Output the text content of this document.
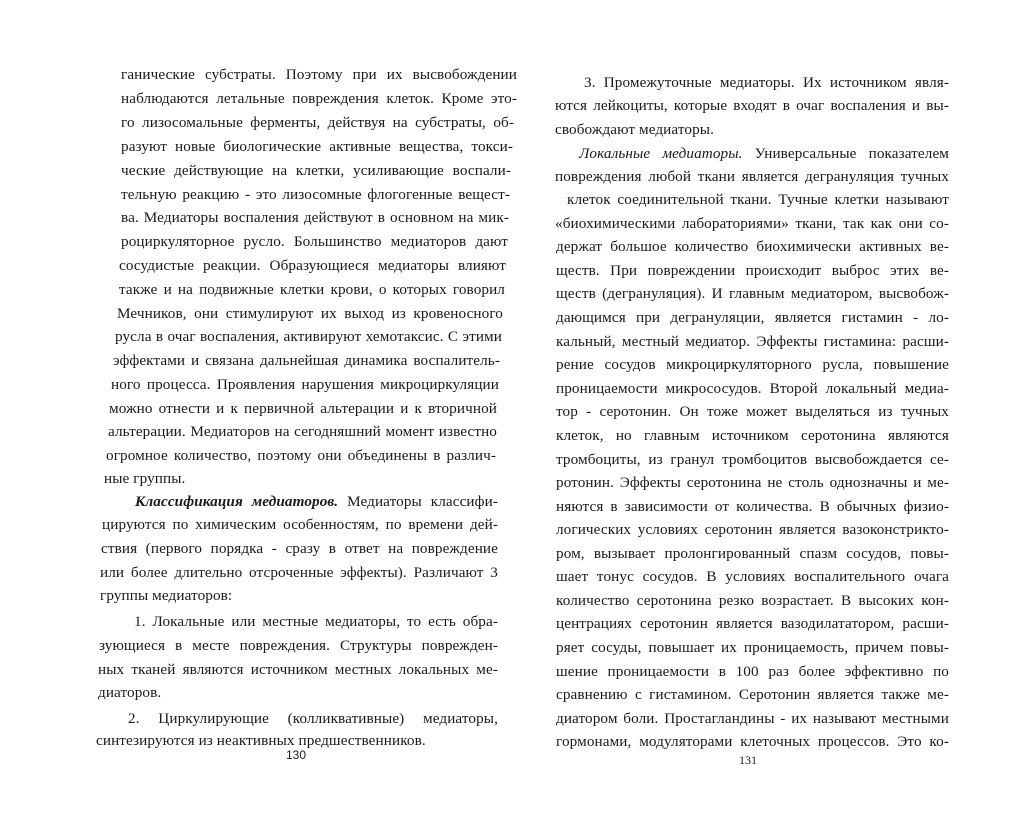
ганические субстраты. Поэтому при их высвобождении
наблюдаются летальные повреждения клеток. Кроме это-
го лизосомальные ферменты, действуя на субстраты, об-
разуют новые биологические активные вещества, токси-
ческие действующие на клетки, усиливающие воспали-
тельную реакцию - это лизосомные флогогенные вещест-
ва. Медиаторы воспаления действуют в основном на мик-
роциркуляторное русло. Большинство медиаторов дают
сосудистые реакции. Образующиеся медиаторы влияют
также и на подвижные клетки крови, о которых говорил
Мечников, они стимулируют их выход из кровеносного
русла в очаг воспаления, активируют хемотаксис. С этими
эффектами и связана дальнейшая динамика воспалитель-
ного процесса. Проявления нарушения микроциркуляции
можно отнести и к первичной альтерации и к вторичной
альтерации. Медиаторов на сегодняшний момент известно
огромное количество, поэтому они объединены в различ-
ные группы.
Классификация медиаторов. Медиаторы классифи-
цируются по химическим особенностям, по времени дей-
ствия (первого порядка - сразу в ответ на повреждение
или более длительно отсроченные эффекты). Различают 3
группы медиаторов:
1. Локальные или местные медиаторы, то есть обра-
зующиеся в месте повреждения. Структуры поврежден-
ных тканей являются источником местных локальных ме-
диаторов.
2. Циркулирующие (колликвативные) медиаторы,
синтезируются из неактивных предшественников.
130
3. Промежуточные медиаторы. Их источником явля-
ются лейкоциты, которые входят в очаг воспаления и вы-
свобождают медиаторы.
Локальные медиаторы. Универсальные показателем
повреждения любой ткани является дегрануляция тучных
клеток соединительной ткани. Тучные клетки называют
«биохимическими лабораториями» ткани, так как они со-
держат большое количество биохимически активных ве-
ществ. При повреждении происходит выброс этих ве-
ществ (дегрануляция). И главным медиатором, высвобож-
дающимся при дегрануляции, является гистамин - ло-
кальный, местный медиатор. Эффекты гистамина: расши-
рение сосудов микроциркуляторного русла, повышение
проницаемости микрососудов. Второй локальный медиа-
тор - серотонин. Он тоже может выделяться из тучных
клеток, но главным источником серотонина являются
тромбоциты, из гранул тромбоцитов высвобождается се-
ротонин. Эффекты серотонина не столь однозначны и ме-
няются в зависимости от количества. В обычных физио-
логических условиях серотонин является вазоконстрикто-
ром, вызывает пролонгированный спазм сосудов, повы-
шает тонус сосудов. В условиях воспалительного очага
количество серотонина резко возрастает. В высоких кон-
центрациях серотонин является вазодилататором, расши-
ряет сосуды, повышает их проницаемость, причем повы-
шение проницаемости в 100 раз более эффективно по
сравнению с гистамином. Серотонин является также ме-
диатором боли. Простагландины - их называют местными
гормонами, модуляторами клеточных процессов. Это ко-
131
